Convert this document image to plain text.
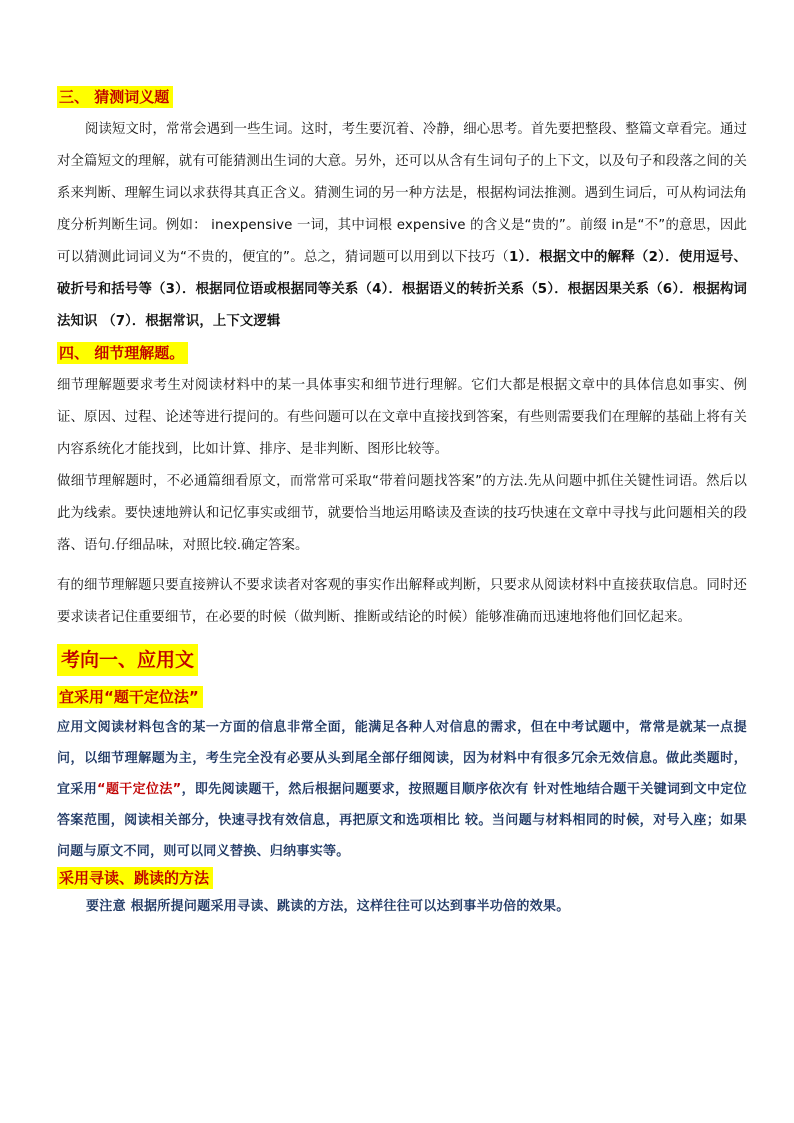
三、 猜测词义题

阅读短文时，常常会遇到一些生词。这时，考生要沉着、冷静，细心思考。首先要把整段、整篇文章看完。通过对全篇短文的理解，就有可能猜测出生词的大意。另外，还可以从含有生词句子的上下文，以及句子和段落之间的关系来判断、理解生词以求获得其真正含义。猜测生词的另一种方法是，根据构词法推测。遇到生词后，可从构词法角度分析判断生词。例如： inexpensive 一词，其中词根 expensive 的含义是“贵的”。前缀 in是“不”的意思，因此可以猜测此词词义为“不贵的，便宜的”。总之，猜词题可以用到以下技巧（1）．根据文中的解释（2）．使用逗号、破折号和括号等（3）．根据同位语或根据同等关系（4）．根据语义的转折关系（5）．根据因果关系（6）．根据构词法知识 （7）．根据常识，上下文逻辑

四、 细节理解题。

细节理解题要求考生对阅读材料中的某一具体事实和细节进行理解。它们大都是根据文章中的具体信息如事实、例证、原因、过程、论述等进行提问的。有些问题可以在文章中直接找到答案，有些则需要我们在理解的基础上将有关内容系统化才能找到，比如计算、排序、是非判断、图形比较等。

做细节理解题时，不必通篇细看原文，而常常可采取“带着问题找答案”的方法.先从问题中抓住关键性词语。然后以此为线索。要快速地辨认和记忆事实或细节，就要恰当地运用略读及查读的技巧快速在文章中寻找与此问题相关的段落、语句.仔细品味，对照比较.确定答案。

有的细节理解题只要直接辨认不要求读者对客观的事实作出解释或判断，只要求从阅读材料中直接获取信息。同时还要求读者记住重要细节，在必要的时候（做判断、推断或结论的时候）能够准确而迅速地将他们回忆起来。

考向一、应用文
宜采用“题干定位法”

应用文阅读材料包含的某一方面的信息非常全面，能满足各种人对信息的需求，但在中考试题中，常常是就某一点提问，以细节理解题为主，考生完全没有必要从头到尾全部仔细阅读，因为材料中有很多冗余无效信息。做此类题时，宜采用“题干定位法”，即先阅读题干，然后根据问题要求，按照题目顺序依次有 针对性地结合题干关键词到文中定位答案范围，阅读相关部分，快速寻找有效信息，再把原文和选项相比 较。当问题与材料相同的时候，对号入座；如果问题与原文不同，则可以同义替换、归纳事实等。

采用寻读、跳读的方法

要注意 根据所提问题采用寻读、跳读的方法，这样往往可以达到事半功倍的效果。
